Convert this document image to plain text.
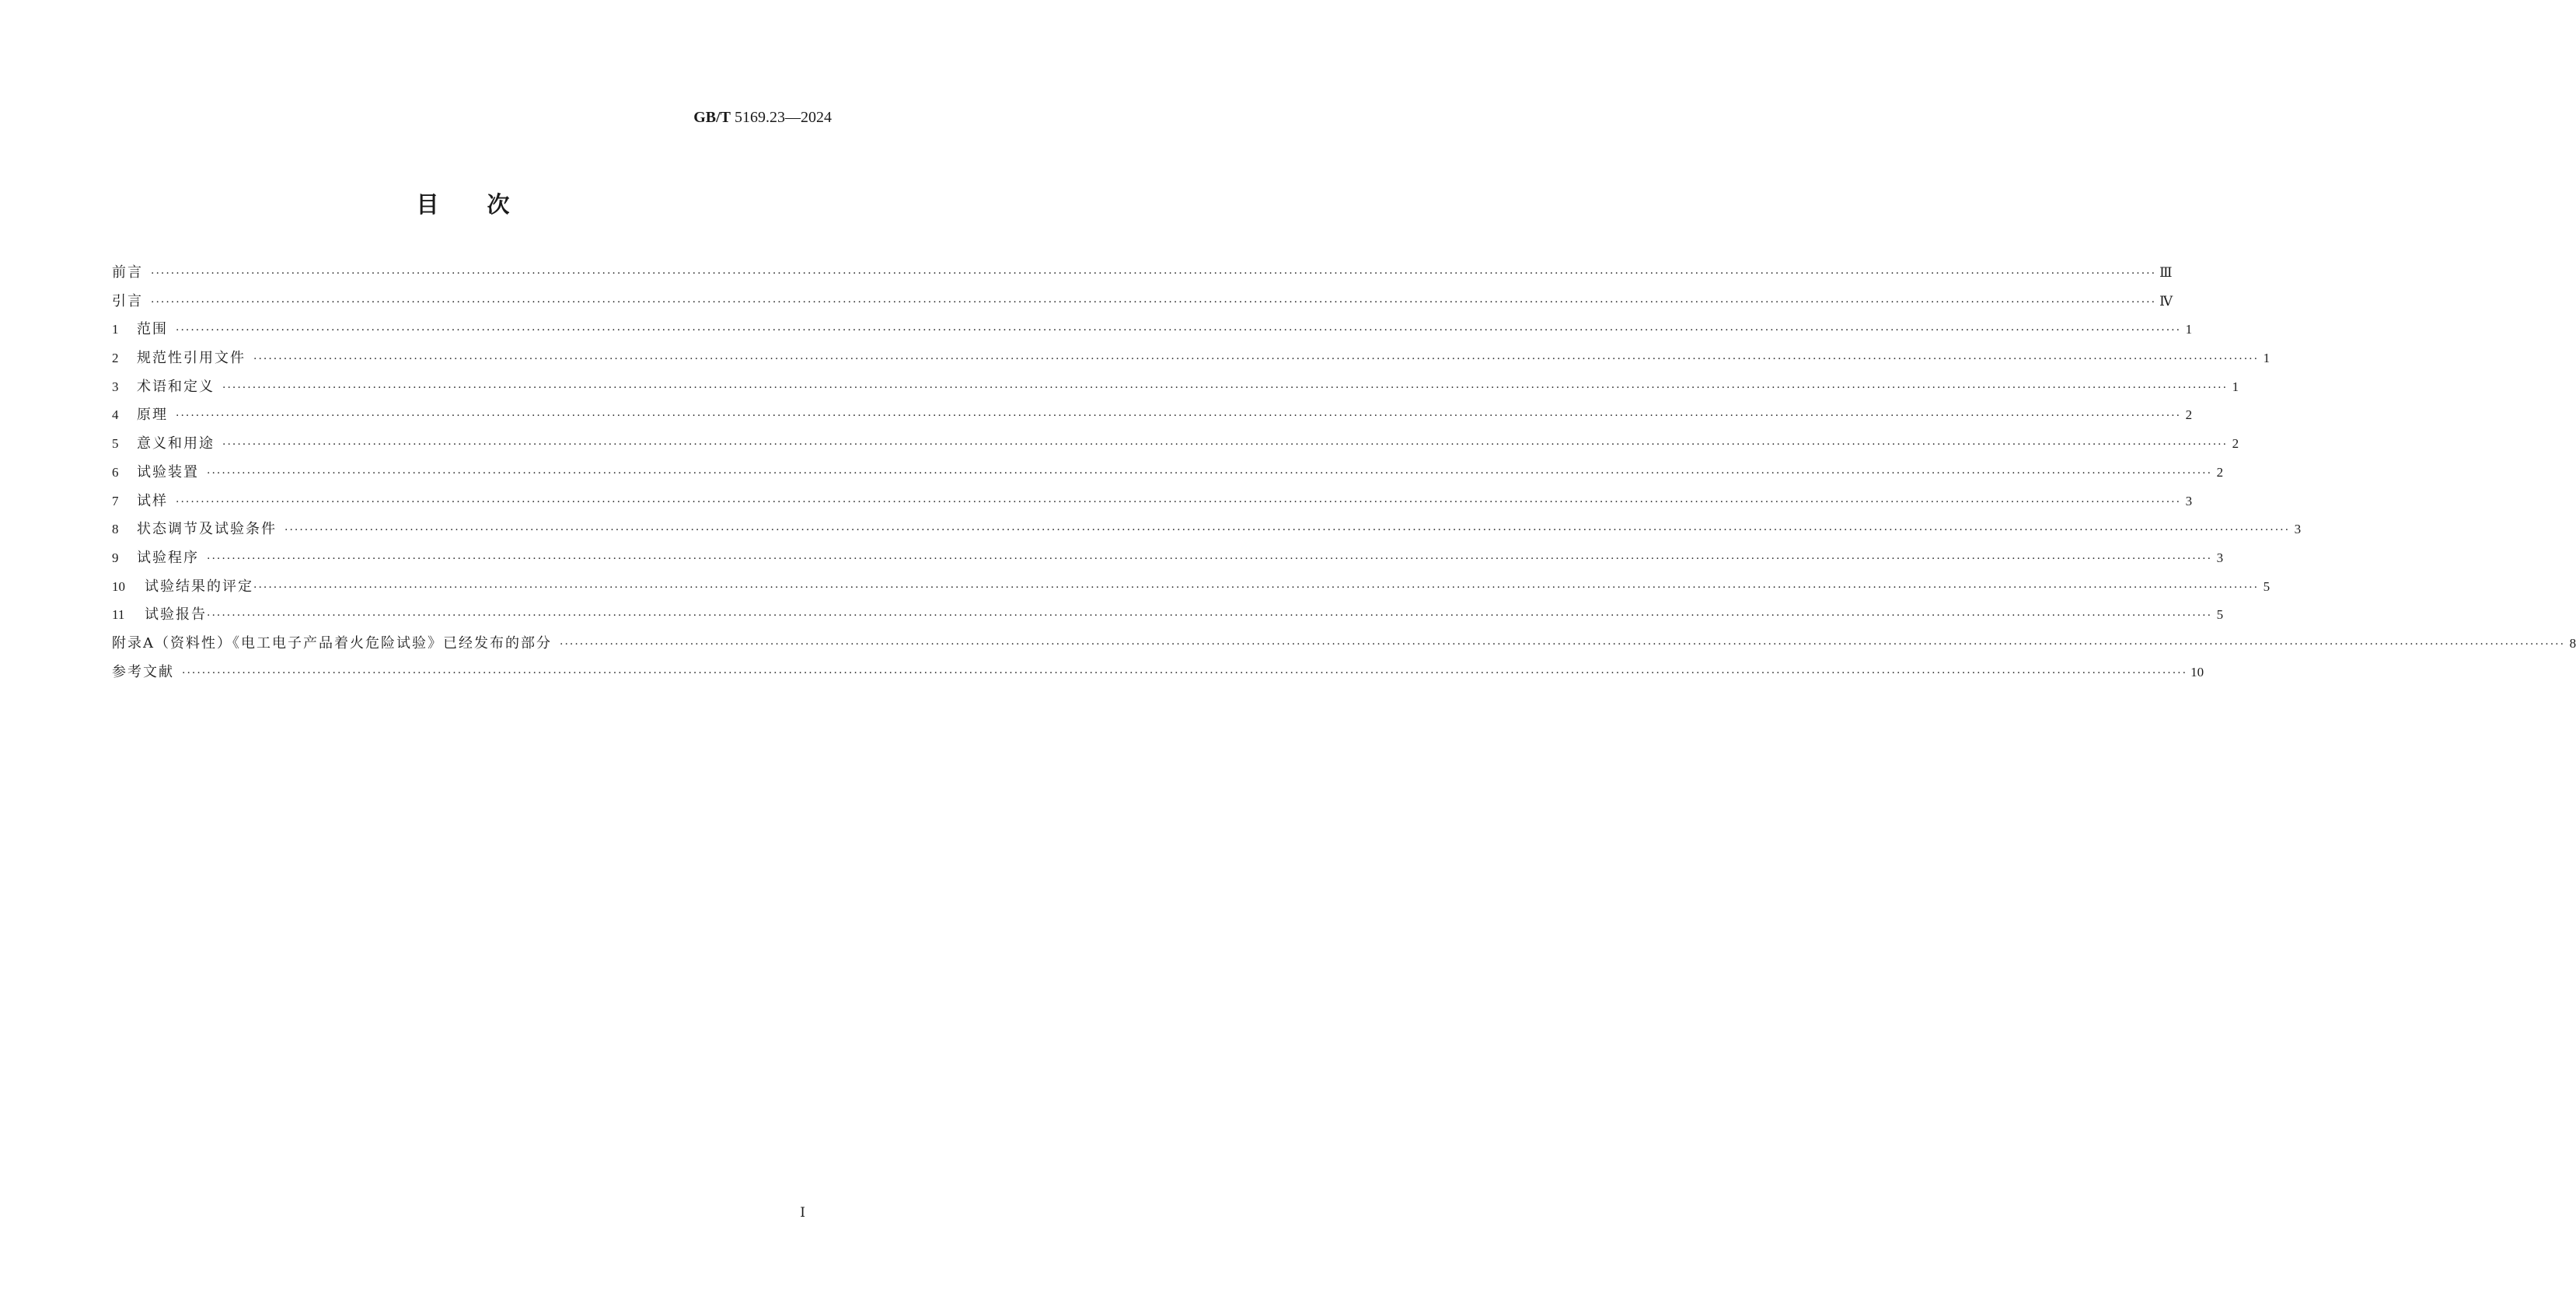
GB/T 5169.23—2024
目次
前言 ················································································································································································································································································································································································································ Ⅲ
引言 ················································································································································································································································································································································································································ Ⅳ
1	范围 ················································································································································································································································································································································································································ 1
2	规范性引用文件 ················································································································································································································································································································································································································ 1
3	术语和定义 ················································································································································································································································································································································································································ 1
4	原理 ················································································································································································································································································································································································································ 2
5	意义和用途 ················································································································································································································································································································································································································ 2
6	试验装置 ················································································································································································································································································································································································································ 2
7	试样 ················································································································································································································································································································································································································ 3
8	状态调节及试验条件 ················································································································································································································································································································································································································ 3
9	试验程序 ················································································································································································································································································································································································································ 3
10	试验结果的评定 ················································································································································································································································································································································································································ 5
11	试验报告 ················································································································································································································································································································································································································ 5
附录A（资料性）《电工电子产品着火危险试验》已经发布的部分 ················································································································································································································································································································································································································ 8
参考文献 ················································································································································································································································································································································································································ 10
Ⅰ
